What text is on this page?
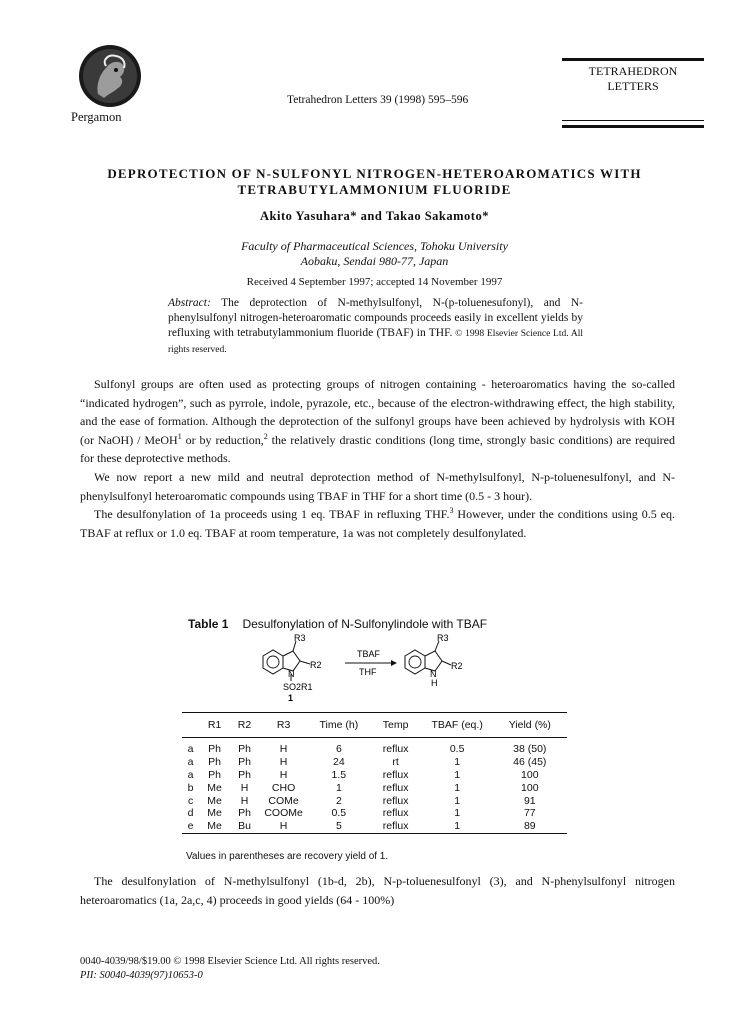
Pergamon
Tetrahedron Letters 39 (1998) 595–596
TETRAHEDRON
LETTERS
DEPROTECTION OF N-SULFONYL NITROGEN-HETEROAROMATICS WITH
TETRABUTYLAMMONIUM FLUORIDE
Akito Yasuhara* and Takao Sakamoto*
Faculty of Pharmaceutical Sciences, Tohoku University
Aobaku, Sendai 980-77, Japan
Received 4 September 1997; accepted 14 November 1997
Abstract: The deprotection of N-methylsulfonyl, N-(p-toluenesufonyl), and N-phenylsulfonyl nitrogen-heteroaromatic compounds proceeds easily in excellent yields by refluxing with tetrabutylammonium fluoride (TBAF) in THF. © 1998 Elsevier Science Ltd. All rights reserved.

Sulfonyl groups are often used as protecting groups of nitrogen containing - heteroaromatics having the so-called “indicated hydrogen”, such as pyrrole, indole, pyrazole, etc., because of the electron-withdrawing effect, the high stability, and the ease of formation. Although the deprotection of the sulfonyl groups have been achieved by hydrolysis with KOH (or NaOH) / MeOH$^1$ or by reduction,$^2$ the relatively drastic conditions (long time, strongly basic conditions) are required for these deprotective methods.

We now report a new mild and neutral deprotection method of N-methylsulfonyl, N-p-toluenesulfonyl, and N-phenylsulfonyl heteroaromatic compounds using TBAF in THF for a short time (0.5 - 3 hour).

The desulfonylation of 1a proceeds using 1 eq. TBAF in refluxing THF.$^3$ However, under the conditions using 0.5 eq. TBAF at reflux or 1.0 eq. TBAF at room temperature, 1a was not completely desulfonylated.

Table 1 Desulfonylation of N-Sulfonylindole with TBAF
R3
R2
N
SO2R1
1
TBAF
THF
R3
R2
N
H
	R1	R2	R3	Time (h)	Temp	TBAF (eq.)	Yield (%)
a	Ph	Ph	H	6	reflux	0.5	38 (50)
a	Ph	Ph	H	24	rt	1	46 (45)
a	Ph	Ph	H	1.5	reflux	1	100
b	Me	H	CHO	1	reflux	1	100
c	Me	H	COMe	2	reflux	1	91
d	Me	Ph	COOMe	0.5	reflux	1	77
e	Me	Bu	H	5	reflux	1	89
Values in parentheses are recovery yield of 1.

The desulfonylation of N-methylsulfonyl (1b-d, 2b), N-p-toluenesulfonyl (3), and N-phenylsulfonyl nitrogen heteroaromatics (1a, 2a,c, 4) proceeds in good yields (64 - 100%)

0040-4039/98/$19.00 © 1998 Elsevier Science Ltd. All rights reserved.
PII: S0040-4039(97)10653-0
